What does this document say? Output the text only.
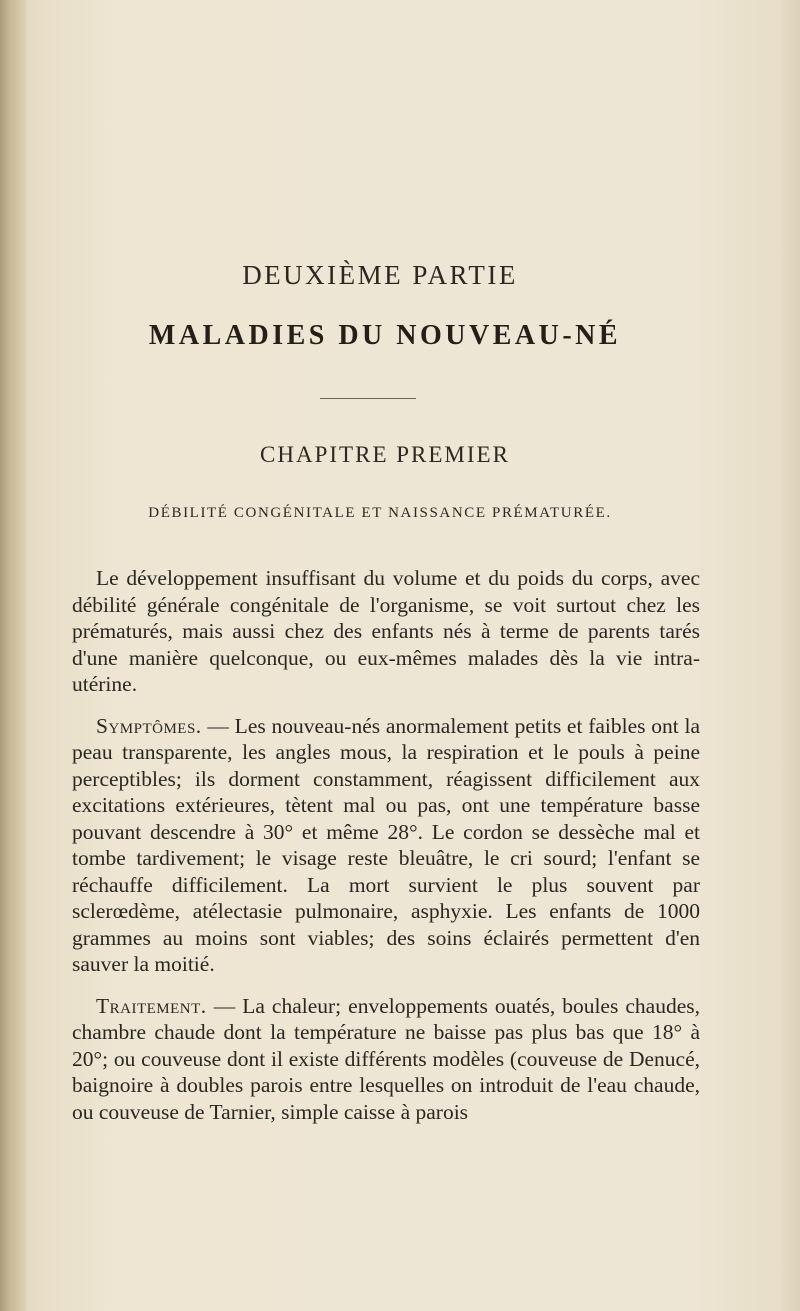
DEUXIÈME PARTIE
MALADIES DU NOUVEAU-NÉ
CHAPITRE PREMIER
DÉBILITÉ CONGÉNITALE ET NAISSANCE PRÉMATURÉE.

Le développement insuffisant du volume et du poids du corps, avec débilité générale congénitale de l'organisme, se voit surtout chez les prématurés, mais aussi chez des enfants nés à terme de parents tarés d'une manière quelconque, ou eux-mêmes malades dès la vie intra-utérine.

Symptômes. — Les nouveau-nés anormalement petits et faibles ont la peau transparente, les angles mous, la respiration et le pouls à peine perceptibles; ils dorment constamment, réagissent difficilement aux excitations extérieures, tètent mal ou pas, ont une température basse pouvant descendre à 30° et même 28°. Le cordon se dessèche mal et tombe tardivement; le visage reste bleuâtre, le cri sourd; l'enfant se réchauffe difficilement. La mort survient le plus souvent par sclerœdème, atélectasie pulmonaire, asphyxie. Les enfants de 1000 grammes au moins sont viables; des soins éclairés permettent d'en sauver la moitié.

Traitement. — La chaleur; enveloppements ouatés, boules chaudes, chambre chaude dont la température ne baisse pas plus bas que 18° à 20°; ou couveuse dont il existe différents modèles (couveuse de Denucé, baignoire à doubles parois entre lesquelles on introduit de l'eau chaude, ou couveuse de Tarnier, simple caisse à parois
